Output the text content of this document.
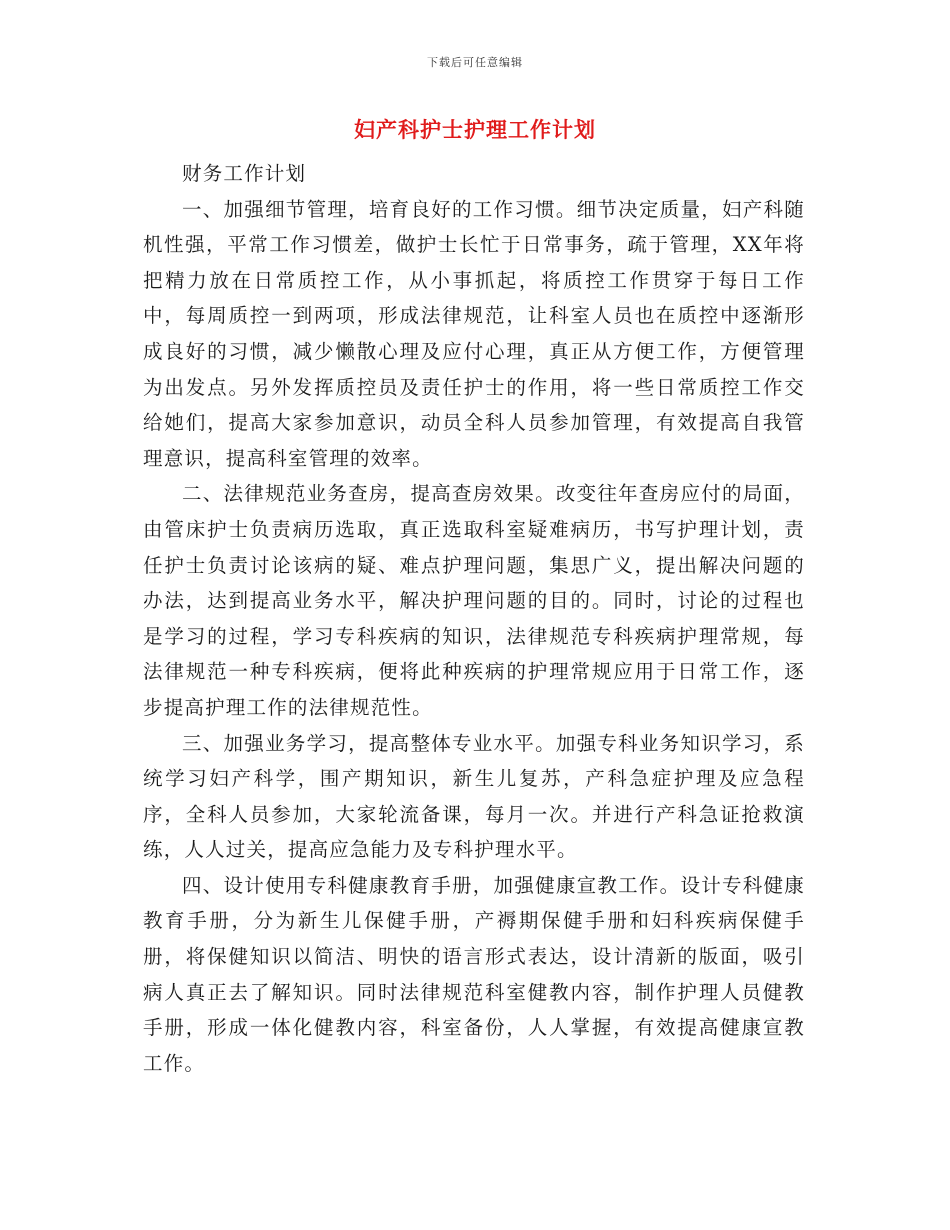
下载后可任意编辑
妇产科护士护理工作计划

财务工作计划

一、加强细节管理，培育良好的工作习惯。细节决定质量，妇产科随机性强，平常工作习惯差，做护士长忙于日常事务，疏于管理，XX年将把精力放在日常质控工作，从小事抓起，将质控工作贯穿于每日工作中，每周质控一到两项，形成法律规范，让科室人员也在质控中逐渐形成良好的习惯，减少懒散心理及应付心理，真正从方便工作，方便管理为出发点。另外发挥质控员及责任护士的作用，将一些日常质控工作交给她们，提高大家参加意识，动员全科人员参加管理，有效提高自我管理意识，提高科室管理的效率。

二、法律规范业务查房，提高查房效果。改变往年查房应付的局面，由管床护士负责病历选取，真正选取科室疑难病历，书写护理计划，责任护士负责讨论该病的疑、难点护理问题，集思广义，提出解决问题的办法，达到提高业务水平，解决护理问题的目的。同时，讨论的过程也是学习的过程，学习专科疾病的知识，法律规范专科疾病护理常规，每法律规范一种专科疾病，便将此种疾病的护理常规应用于日常工作，逐步提高护理工作的法律规范性。

三、加强业务学习，提高整体专业水平。加强专科业务知识学习，系统学习妇产科学，围产期知识，新生儿复苏，产科急症护理及应急程序，全科人员参加，大家轮流备课，每月一次。并进行产科急证抢救演练，人人过关，提高应急能力及专科护理水平。

四、设计使用专科健康教育手册，加强健康宣教工作。设计专科健康教育手册，分为新生儿保健手册，产褥期保健手册和妇科疾病保健手册，将保健知识以简洁、明快的语言形式表达，设计清新的版面，吸引病人真正去了解知识。同时法律规范科室健教内容，制作护理人员健教手册，形成一体化健教内容，科室备份，人人掌握，有效提高健康宣教工作。
